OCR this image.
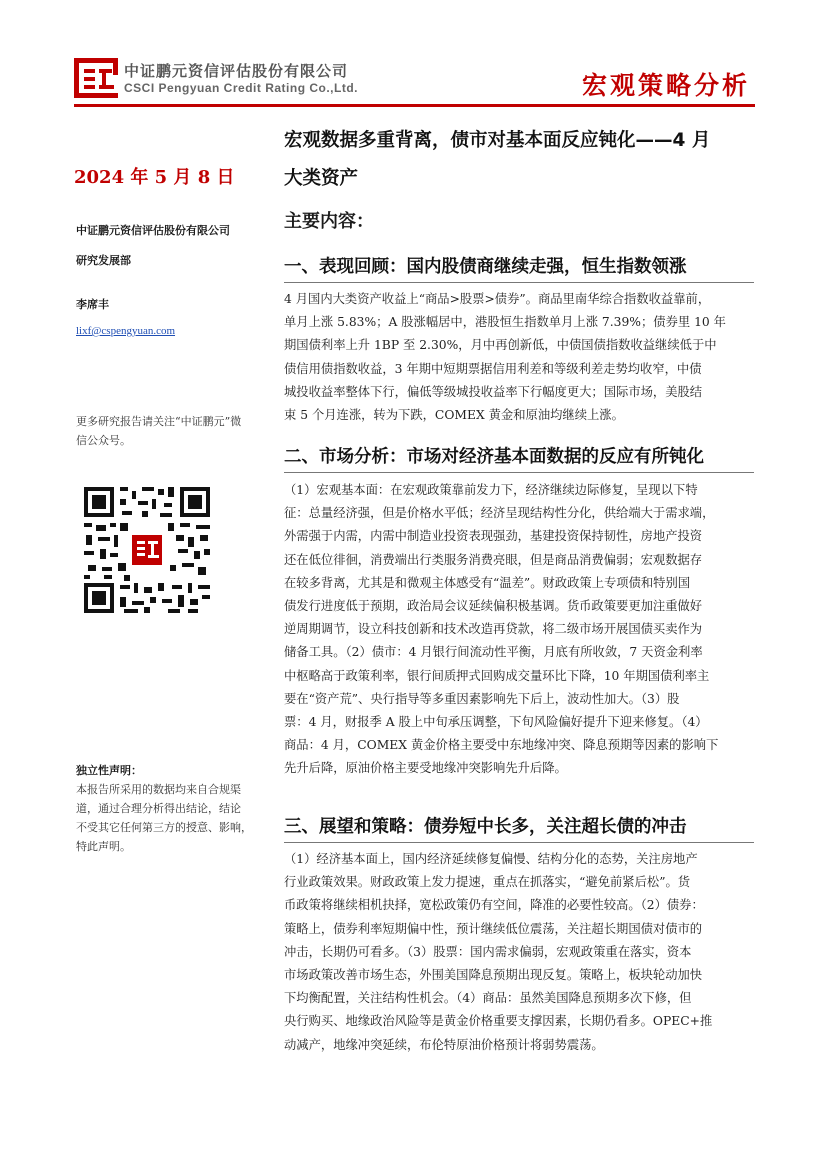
中证鹏元资信评估股份有限公司
CSCI Pengyuan Credit Rating Co.,Ltd.	宏观策略分析
2024 年 5 月 8 日
中证鹏元资信评估股份有限公司
研究发展部
李席丰
lixf@cspengyuan.com
更多研究报告请关注“中证鹏元”微
信公众号。
独立性声明：
本报告所采用的数据均来自合规渠
道，通过合理分析得出结论，结论
不受其它任何第三方的授意、影响，
特此声明。
宏观数据多重背离，债市对基本面反应钝化——4 月
大类资产
主要内容：
一、表现回顾：国内股债商继续走强，恒生指数领涨
4 月国内大类资产收益上“商品>股票>债券”。商品里南华综合指数收益靠前，
单月上涨 5.83%；A 股涨幅居中，港股恒生指数单月上涨 7.39%；债券里 10 年
期国债利率上升 1BP 至 2.30%，月中再创新低，中债国债指数收益继续低于中
债信用债指数收益，3 年期中短期票据信用利差和等级利差走势均收窄，中债
城投收益率整体下行，偏低等级城投收益率下行幅度更大；国际市场，美股结
束 5 个月连涨，转为下跌，COMEX 黄金和原油均继续上涨。
二、市场分析：市场对经济基本面数据的反应有所钝化
（1）宏观基本面：在宏观政策靠前发力下，经济继续边际修复，呈现以下特
征：总量经济强，但是价格水平低；经济呈现结构性分化，供给端大于需求端，
外需强于内需，内需中制造业投资表现强劲，基建投资保持韧性，房地产投资
还在低位徘徊，消费端出行类服务消费亮眼，但是商品消费偏弱；宏观数据存
在较多背离，尤其是和微观主体感受有“温差”。财政政策上专项债和特别国
债发行进度低于预期，政治局会议延续偏积极基调。货币政策要更加注重做好
逆周期调节，设立科技创新和技术改造再贷款，将二级市场开展国债买卖作为
储备工具。（2）债市：4 月银行间流动性平衡，月底有所收敛，7 天资金利率
中枢略高于政策利率，银行间质押式回购成交量环比下降，10 年期国债利率主
要在“资产荒”、央行指导等多重因素影响先下后上，波动性加大。（3）股
票：4 月，财报季 A 股上中旬承压调整，下旬风险偏好提升下迎来修复。（4）
商品：4 月，COMEX 黄金价格主要受中东地缘冲突、降息预期等因素的影响下
先升后降，原油价格主要受地缘冲突影响先升后降。
三、展望和策略：债券短中长多，关注超长债的冲击
（1）经济基本面上，国内经济延续修复偏慢、结构分化的态势，关注房地产
行业政策效果。财政政策上发力提速，重点在抓落实，“避免前紧后松”。货
币政策将继续相机抉择，宽松政策仍有空间，降准的必要性较高。（2）债券：
策略上，债券利率短期偏中性，预计继续低位震荡，关注超长期国债对债市的
冲击，长期仍可看多。（3）股票：国内需求偏弱，宏观政策重在落实，资本
市场政策改善市场生态，外围美国降息预期出现反复。策略上，板块轮动加快
下均衡配置，关注结构性机会。（4）商品：虽然美国降息预期多次下修，但
央行购买、地缘政治风险等是黄金价格重要支撑因素，长期仍看多。OPEC+推
动减产，地缘冲突延续，布伦特原油价格预计将弱势震荡。
